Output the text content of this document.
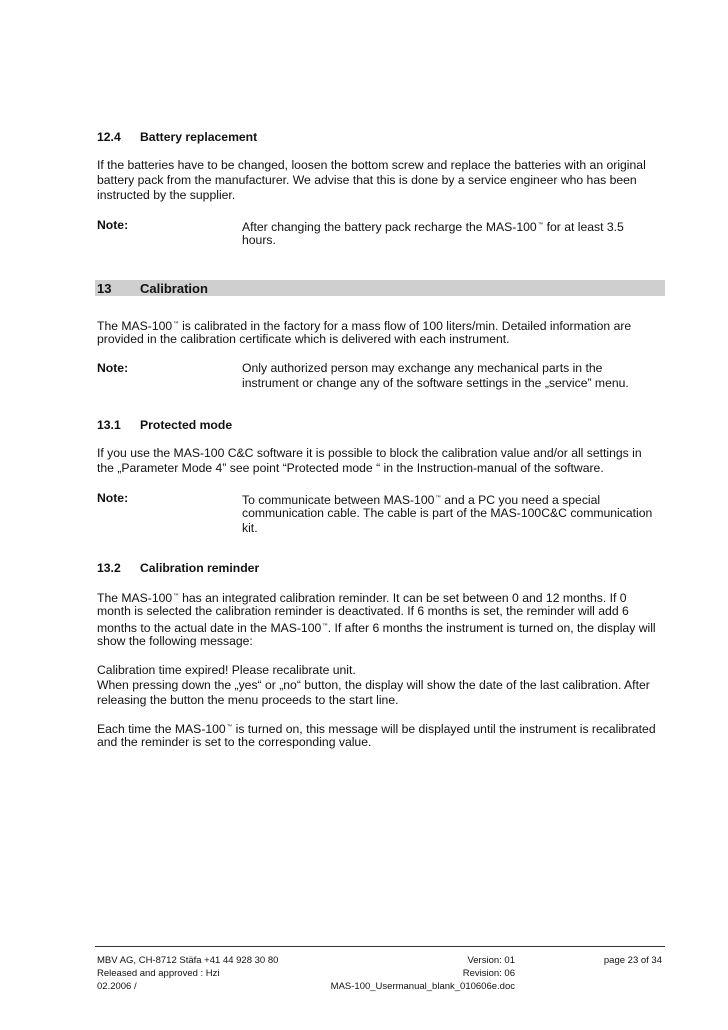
12.4 Battery replacement
If the batteries have to be changed, loosen the bottom screw and replace the batteries with an original
battery pack from the manufacturer. We advise that this is done by a service engineer who has been
instructed by the supplier.
Note:	After changing the battery pack recharge the MAS-100™ for at least 3.5
hours.
13 Calibration
The MAS-100™ is calibrated in the factory for a mass flow of 100 liters/min. Detailed information are
provided in the calibration certificate which is delivered with each instrument.
Note:	Only authorized person may exchange any mechanical parts in the
instrument or change any of the software settings in the „service” menu.
13.1 Protected mode
If you use the MAS-100 C&C software it is possible to block the calibration value and/or all settings in
the „Parameter Mode 4” see point “Protected mode “ in the Instruction-manual of the software.
Note:	To communicate between MAS-100™ and a PC you need a special
communication cable. The cable is part of the MAS-100C&C communication
kit.
13.2 Calibration reminder
The MAS-100™ has an integrated calibration reminder. It can be set between 0 and 12 months. If 0
month is selected the calibration reminder is deactivated. If 6 months is set, the reminder will add 6
months to the actual date in the MAS-100™. If after 6 months the instrument is turned on, the display will
show the following message:
Calibration time expired! Please recalibrate unit.
When pressing down the „yes“ or „no“ button, the display will show the date of the last calibration. After
releasing the button the menu proceeds to the start line.
Each time the MAS-100™ is turned on, this message will be displayed until the instrument is recalibrated
and the reminder is set to the corresponding value.
MBV AG, CH-8712 Stäfa +41 44 928 30 80
Released and approved : Hzi
02.2006 /
Version: 01
Revision: 06
MAS-100_Usermanual_blank_010606e.doc
page 23 of 34
